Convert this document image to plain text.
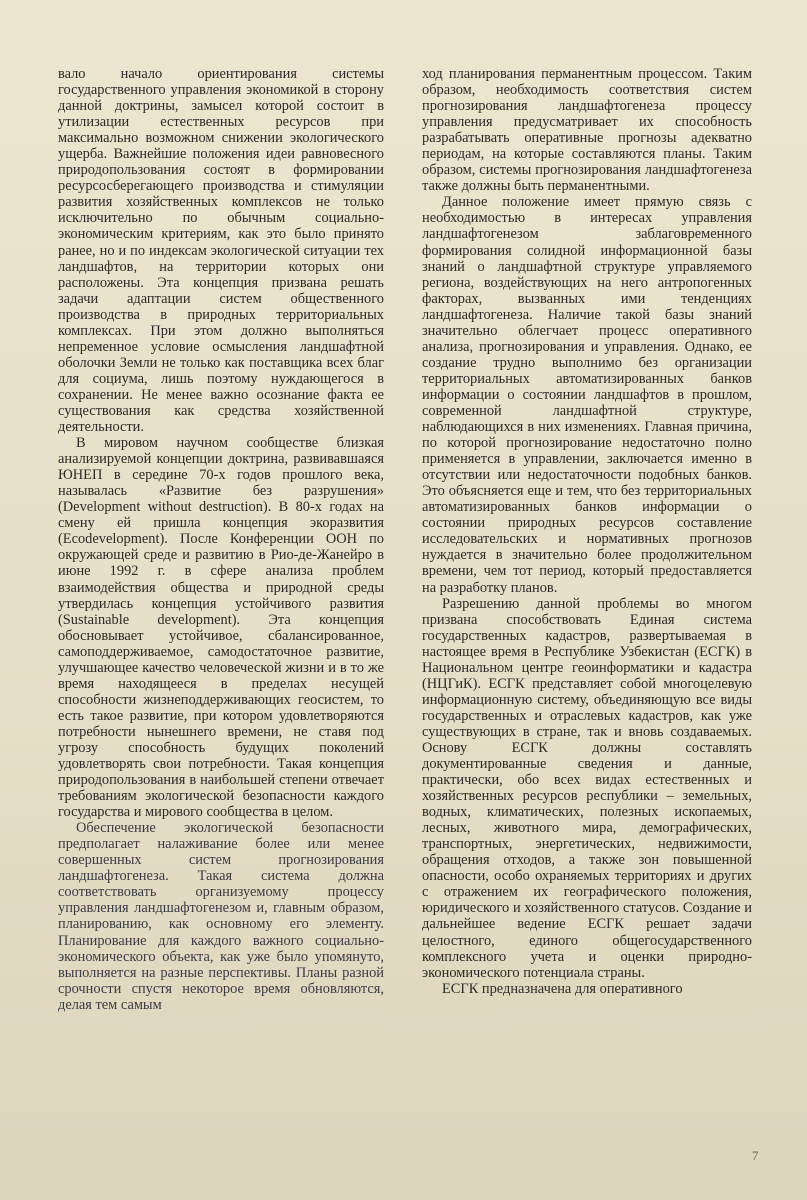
вало начало ориентирования системы государственного управления экономикой в сторону данной доктрины, замысел которой состоит в утилизации естественных ресурсов при максимально возможном снижении экологического ущерба. Важнейшие положения идеи равновесного природопользования состоят в формировании ресурсосберегающего производства и стимуляции развития хозяйственных комплексов не только исключительно по обычным социально-экономическим критериям, как это было принято ранее, но и по индексам экологической ситуации тех ландшафтов, на территории которых они расположены. Эта концепция призвана решать задачи адаптации систем общественного производства в природных территориальных комплексах. При этом должно выполняться непременное условие осмысления ландшафтной оболочки Земли не только как поставщика всех благ для социума, лишь поэтому нуждающегося в сохранении. Не менее важно осознание факта ее существования как средства хозяйственной деятельности.

В мировом научном сообществе близкая анализируемой концепции доктрина, развивавшаяся ЮНЕП в середине 70-х годов прошлого века, называлась «Развитие без разрушения» (Development without destruction). В 80-х годах на смену ей пришла концепция экоразвития (Ecodevelopment). После Конференции ООН по окружающей среде и развитию в Рио-де-Жанейро в июне 1992 г. в сфере анализа проблем взаимодействия общества и природной среды утвердилась концепция устойчивого развития (Sustainable development). Эта концепция обосновывает устойчивое, сбалансированное, самоподдерживаемое, самодостаточное развитие, улучшающее качество человеческой жизни и в то же время находящееся в пределах несущей способности жизнеподдерживающих геосистем, то есть такое развитие, при котором удовлетворяются потребности нынешнего времени, не ставя под угрозу способность будущих поколений удовлетворять свои потребности. Такая концепция природопользования в наибольшей степени отвечает требованиям экологической безопасности каждого государства и мирового сообщества в целом.

Обеспечение экологической безопасности предполагает налаживание более или менее совершенных систем прогнозирования ландшафтогенеза. Такая система должна соответствовать организуемому процессу управления ландшафтогенезом и, главным образом, планированию, как основному его элементу. Планирование для каждого важного социально-экономического объекта, как уже было упомянуто, выполняется на разные перспективы. Планы разной срочности спустя некоторое время обновляются, делая тем самым

ход планирования перманентным процессом. Таким образом, необходимость соответствия систем прогнозирования ландшафтогенеза процессу управления предусматривает их способность разрабатывать оперативные прогнозы адекватно периодам, на которые составляются планы. Таким образом, системы прогнозирования ландшафтогенеза также должны быть перманентными.

Данное положение имеет прямую связь с необходимостью в интересах управления ландшафтогенезом заблаговременного формирования солидной информационной базы знаний о ландшафтной структуре управляемого региона, воздействующих на него антропогенных факторах, вызванных ими тенденциях ландшафтогенеза. Наличие такой базы знаний значительно облегчает процесс оперативного анализа, прогнозирования и управления. Однако, ее создание трудно выполнимо без организации территориальных автоматизированных банков информации о состоянии ландшафтов в прошлом, современной ландшафтной структуре, наблюдающихся в них изменениях. Главная причина, по которой прогнозирование недостаточно полно применяется в управлении, заключается именно в отсутствии или недостаточности подобных банков. Это объясняется еще и тем, что без территориальных автоматизированных банков информации о состоянии природных ресурсов составление исследовательских и нормативных прогнозов нуждается в значительно более продолжительном времени, чем тот период, который предоставляется на разработку планов.

Разрешению данной проблемы во многом призвана способствовать Единая система государственных кадастров, развертываемая в настоящее время в Республике Узбекистан (ЕСГК) в Национальном центре геоинформатики и кадастра (НЦГиК). ЕСГК представляет собой многоцелевую информационную систему, объединяющую все виды государственных и отраслевых кадастров, как уже существующих в стране, так и вновь создаваемых. Основу ЕСГК должны составлять документированные сведения и данные, практически, обо всех видах естественных и хозяйственных ресурсов республики – земельных, водных, климатических, полезных ископаемых, лесных, животного мира, демографических, транспортных, энергетических, недвижимости, обращения отходов, а также зон повышенной опасности, особо охраняемых территориях и других с отражением их географического положения, юридического и хозяйственного статусов. Создание и дальнейшее ведение ЕСГК решает задачи целостного, единого общегосударственного комплексного учета и оценки природно-экономического потенциала страны.

ЕСГК предназначена для оперативного

7
